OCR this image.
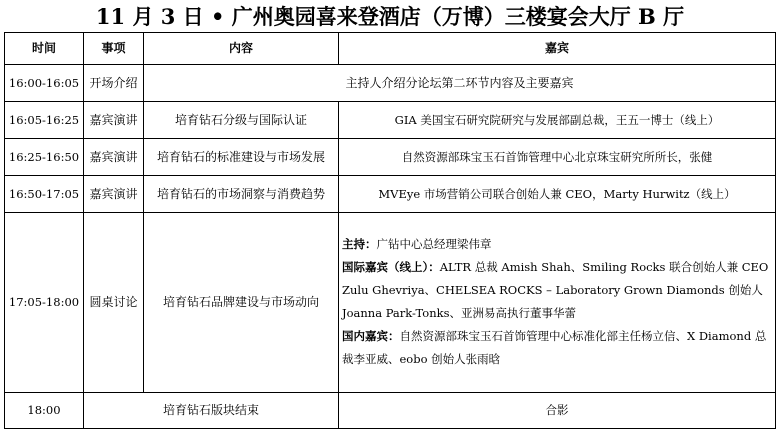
11 月 3 日 • 广州奥园喜来登酒店（万博）三楼宴会大厅 B 厅
时间	事项	内容	嘉宾
16:00-16:05	开场介绍	主持人介绍分论坛第二环节内容及主要嘉宾	
16:05-16:25	嘉宾演讲	培育钻石分级与国际认证	GIA 美国宝石研究院研究与发展部副总裁，王五一博士（线上）
16:25-16:50	嘉宾演讲	培育钻石的标准建设与市场发展	自然资源部珠宝玉石首饰管理中心北京珠宝研究所所长，张健
16:50-17:05	嘉宾演讲	培育钻石的市场洞察与消费趋势	MVEye 市场营销公司联合创始人兼 CEO，Marty Hurwitz（线上）
17:05-18:00	圆桌讨论	培育钻石品牌建设与市场动向	主持：广钻中心总经理梁伟章
国际嘉宾（线上）：ALTR 总裁 Amish Shah、Smiling Rocks 联合创始人兼 CEO Zulu Ghevriya、CHELSEA ROCKS – Laboratory Grown Diamonds 创始人 Joanna Park-Tonks、亚洲易高执行董事华蕾
国内嘉宾：自然资源部珠宝玉石首饰管理中心标准化部主任杨立信、X Diamond 总裁李亚威、eobo 创始人张雨晗

18:00	培育钻石版块结束		合影
